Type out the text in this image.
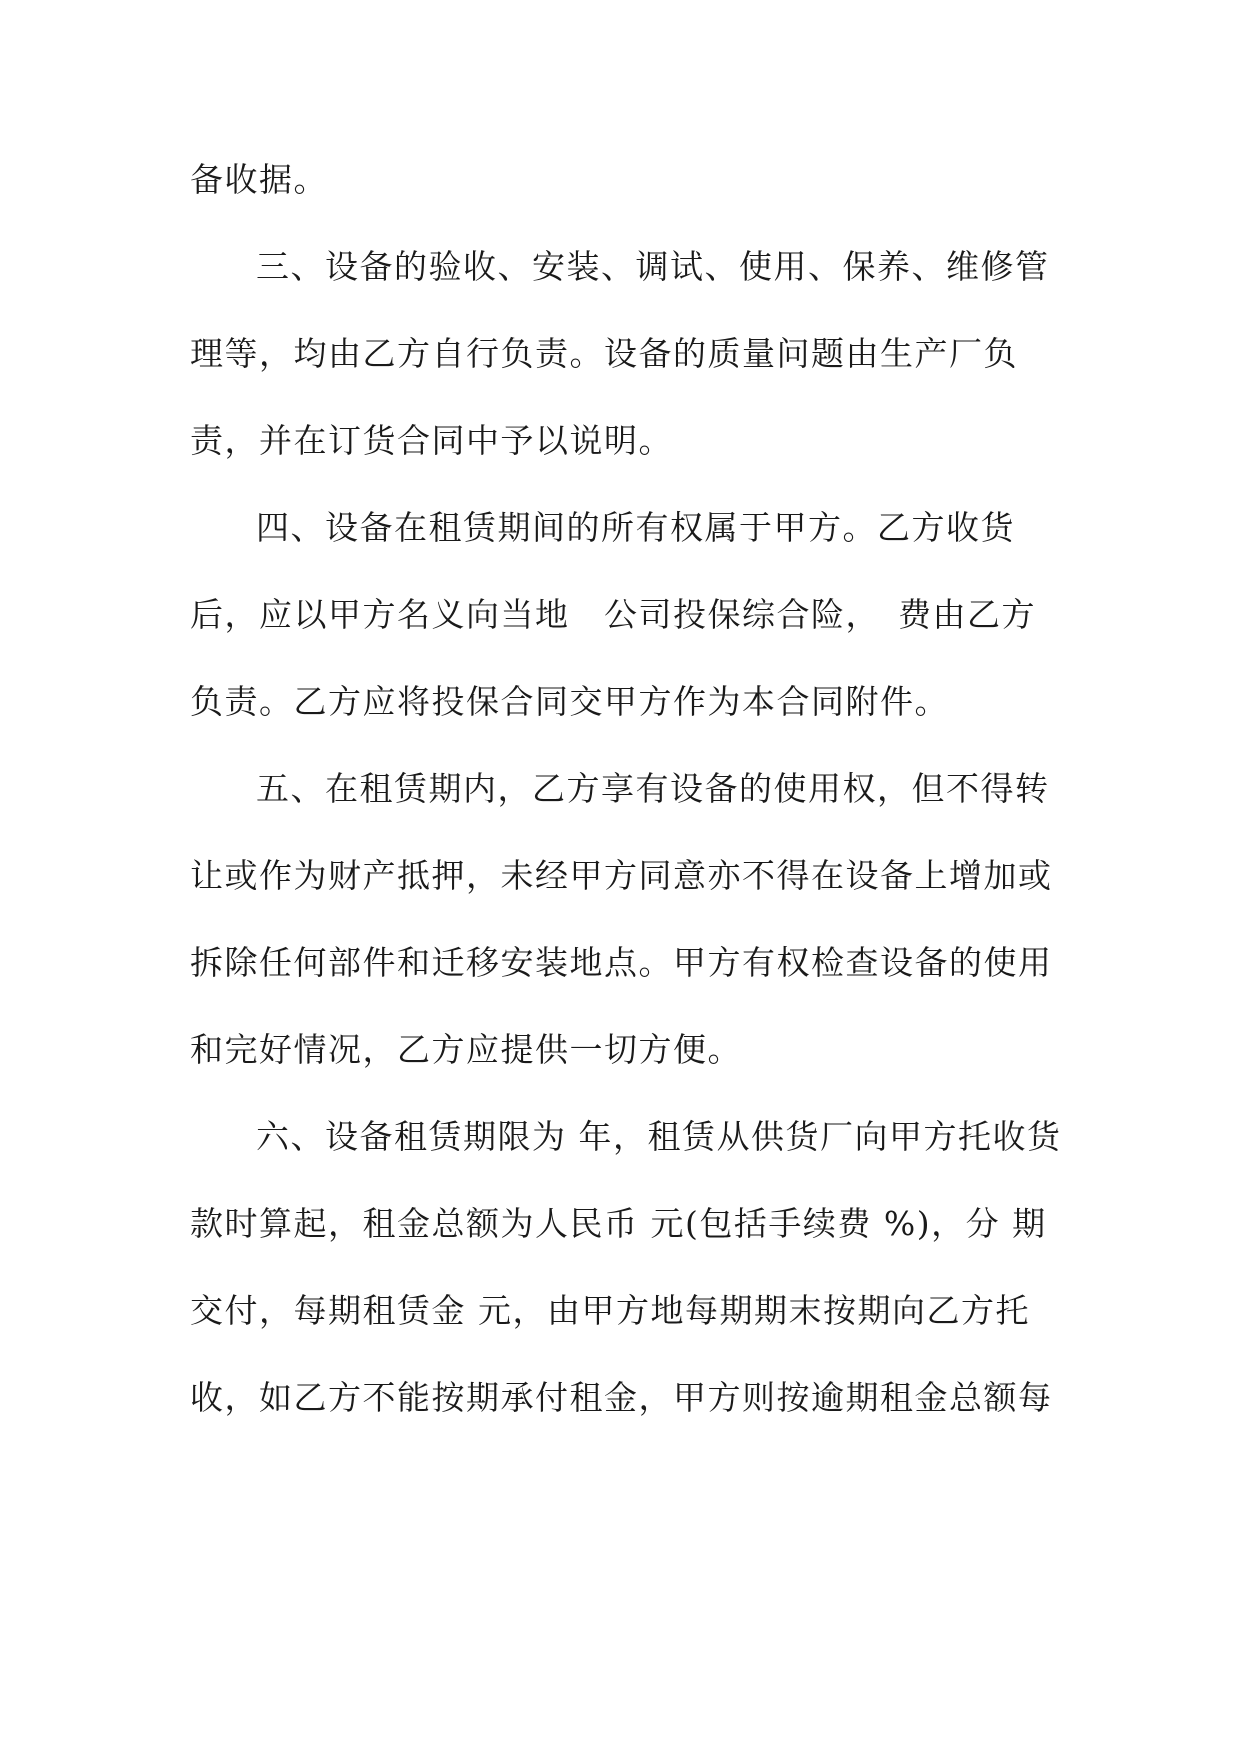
备收据。

三、设备的验收、安装、调试、使用、保养、维修管

理等，均由乙方自行负责。设备的质量问题由生产厂负

责，并在订货合同中予以说明。

四、设备在租赁期间的所有权属于甲方。乙方收货

后，应以甲方名义向当地　公司投保综合险，　费由乙方

负责。乙方应将投保合同交甲方作为本合同附件。

五、在租赁期内，乙方享有设备的使用权，但不得转

让或作为财产抵押，未经甲方同意亦不得在设备上增加或

拆除任何部件和迁移安装地点。甲方有权检查设备的使用

和完好情况，乙方应提供一切方便。

六、设备租赁期限为 年，租赁从供货厂向甲方托收货

款时算起，租金总额为人民币 元(包括手续费 %)，分 期

交付，每期租赁金 元，由甲方地每期期末按期向乙方托

收，如乙方不能按期承付租金，甲方则按逾期租金总额每
